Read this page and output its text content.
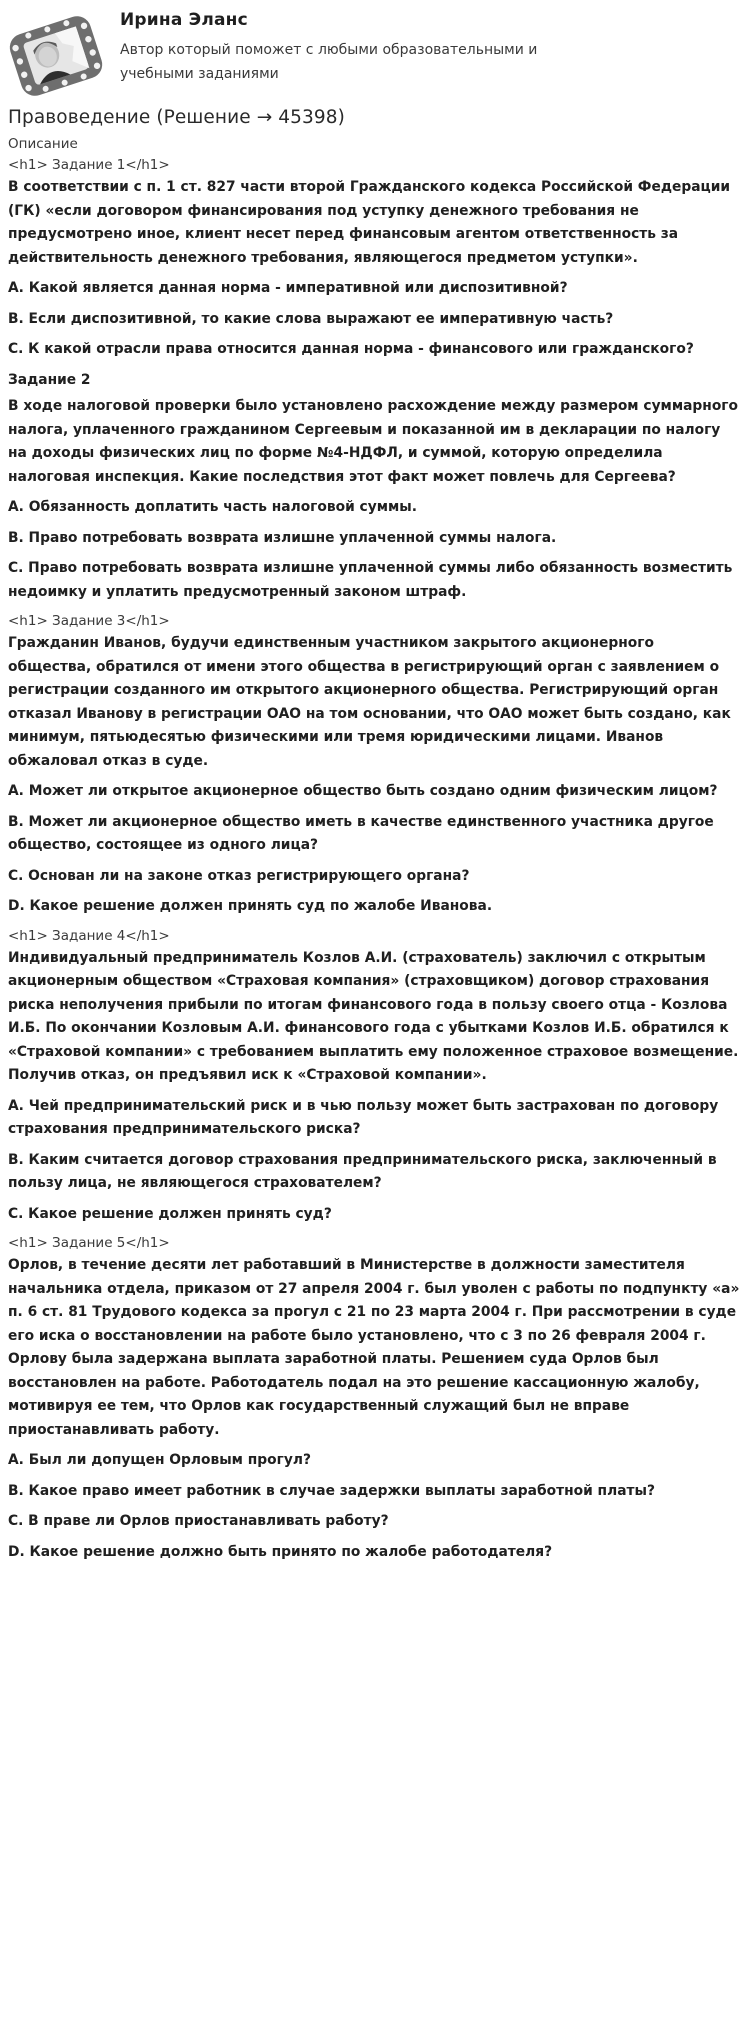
Ирина Эланс
Автор который поможет с любыми образовательными и учебными заданиями
Правоведение (Решение → 45398)
Описание
<h1> Задание 1</h1>

В соответствии с п. 1 ст. 827 части второй Гражданского кодекса Российской Федерации (ГК) «если договором финансирования под уступку денежного требования не предусмотрено иное, клиент несет перед финансовым агентом ответственность за действительность денежного требования, являющегося предметом уступки».

А. Какой является данная норма - императивной или диспозитивной?

В. Если диспозитивной, то какие слова выражают ее императивную часть?

С. К какой отрасли права относится данная норма - финансового или гражданского?

Задание 2

В ходе налоговой проверки было установлено расхождение между размером суммарного налога, уплаченного гражданином Сергеевым и показанной им в декларации по налогу на доходы физических лиц по форме №4-НДФЛ, и суммой, которую определила налоговая инспекция. Какие последствия этот факт может повлечь для Сергеева?

А. Обязанность доплатить часть налоговой суммы.

В. Право потребовать возврата излишне уплаченной суммы налога.

С. Право потребовать возврата излишне уплаченной суммы либо обязанность возместить недоимку и уплатить предусмотренный законом штраф.

<h1> Задание 3</h1>

Гражданин Иванов, будучи единственным участником закрытого акционерного общества, обратился от имени этого общества в регистрирующий орган с заявлением о регистрации созданного им открытого акционерного общества. Регистрирующий орган отказал Иванову в регистрации ОАО на том основании, что ОАО может быть создано, как минимум, пятьюдесятью физическими или тремя юридическими лицами. Иванов обжаловал отказ в суде.

А. Может ли открытое акционерное общество быть создано одним физическим лицом?

В. Может ли акционерное общество иметь в качестве единственного участника другое общество, состоящее из одного лица?

С. Основан ли на законе отказ регистрирующего органа?

D. Какое решение должен принять суд по жалобе Иванова.

<h1> Задание 4</h1>

Индивидуальный предприниматель Козлов А.И. (страхователь) заключил с открытым акционерным обществом «Страховая компания» (страховщиком) договор страхования риска неполучения прибыли по итогам финансового года в пользу своего отца - Козлова И.Б. По окончании Козловым А.И. финансового года с убытками Козлов И.Б. обратился к «Страховой компании» с требованием выплатить ему положенное страховое возмещение. Получив отказ, он предъявил иск к «Страховой компании».

А. Чей предпринимательский риск и в чью пользу может быть застрахован по договору страхования предпринимательского риска?

В. Каким считается договор страхования предпринимательского риска, заключенный в пользу лица, не являющегося страхователем?

С. Какое решение должен принять суд?

<h1> Задание 5</h1>

Орлов, в течение десяти лет работавший в Министерстве в должности заместителя начальника отдела, приказом от 27 апреля 2004 г. был уволен с работы по подпункту «а» п. 6 ст. 81 Трудового кодекса за прогул с 21 по 23 марта 2004 г. При рассмотрении в суде его иска о восстановлении на работе было установлено, что с 3 по 26 февраля 2004 г. Орлову была задержана выплата заработной платы. Решением суда Орлов был восстановлен на работе. Работодатель подал на это решение кассационную жалобу, мотивируя ее тем, что Орлов как государственный служащий был не вправе приостанавливать работу.

А. Был ли допущен Орловым прогул?

В. Какое право имеет работник в случае задержки выплаты заработной платы?

С. В праве ли Орлов приостанавливать работу?

D. Какое решение должно быть принято по жалобе работодателя?
